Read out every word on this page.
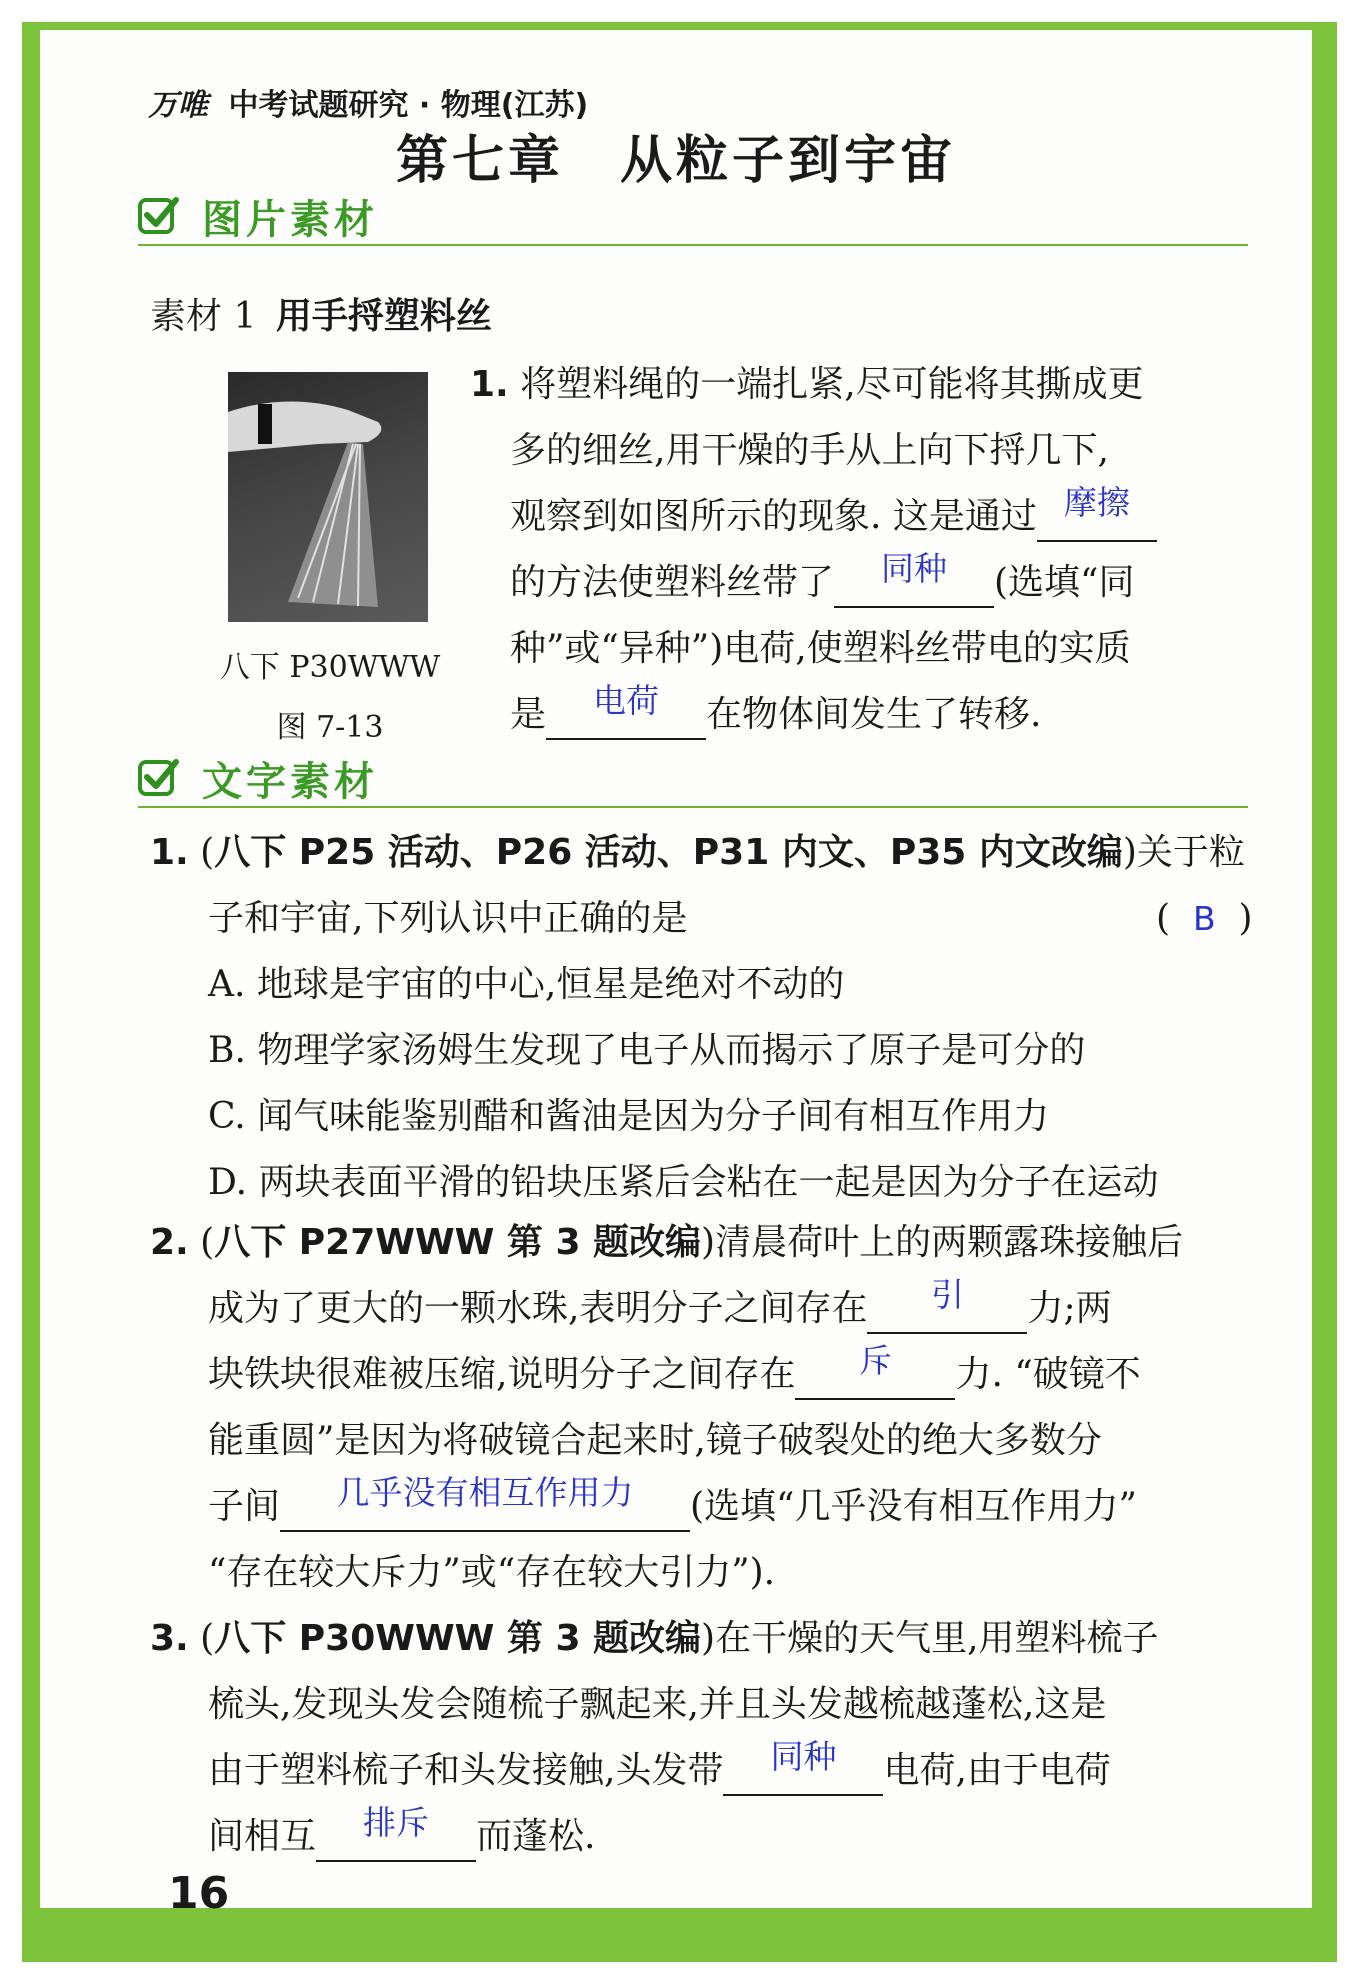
万唯 中考试题研究 · 物理(江苏)
第七章　从粒子到宇宙
图片素材
素材 1 用手捋塑料丝
八下 P30WWW
图 7-13
1. 将塑料绳的一端扎紧,尽可能将其撕成更
多的细丝,用干燥的手从上向下捋几下,
观察到如图所示的现象. 这是通过 摩擦
的方法使塑料丝带了 同种 (选填“同
种”或“异种”)电荷,使塑料丝带电的实质
是 电荷 在物体间发生了转移.
文字素材
1. (八下 P25 活动、P26 活动、P31 内文、P35 内文改编)关于粒
子和宇宙,下列认识中正确的是	( B )
A. 地球是宇宙的中心,恒星是绝对不动的
B. 物理学家汤姆生发现了电子从而揭示了原子是可分的
C. 闻气味能鉴别醋和酱油是因为分子间有相互作用力
D. 两块表面平滑的铅块压紧后会粘在一起是因为分子在运动
2. (八下 P27WWW 第 3 题改编)清晨荷叶上的两颗露珠接触后
成为了更大的一颗水珠,表明分子之间存在 引 力;两
块铁块很难被压缩,说明分子之间存在 斥 力. “破镜不
能重圆”是因为将破镜合起来时,镜子破裂处的绝大多数分
子间 几乎没有相互作用力 (选填“几乎没有相互作用力”
“存在较大斥力”或“存在较大引力”).
3. (八下 P30WWW 第 3 题改编)在干燥的天气里,用塑料梳子
梳头,发现头发会随梳子飘起来,并且头发越梳越蓬松,这是
由于塑料梳子和头发接触,头发带 同种 电荷,由于电荷
间相互 排斥 而蓬松.
16
